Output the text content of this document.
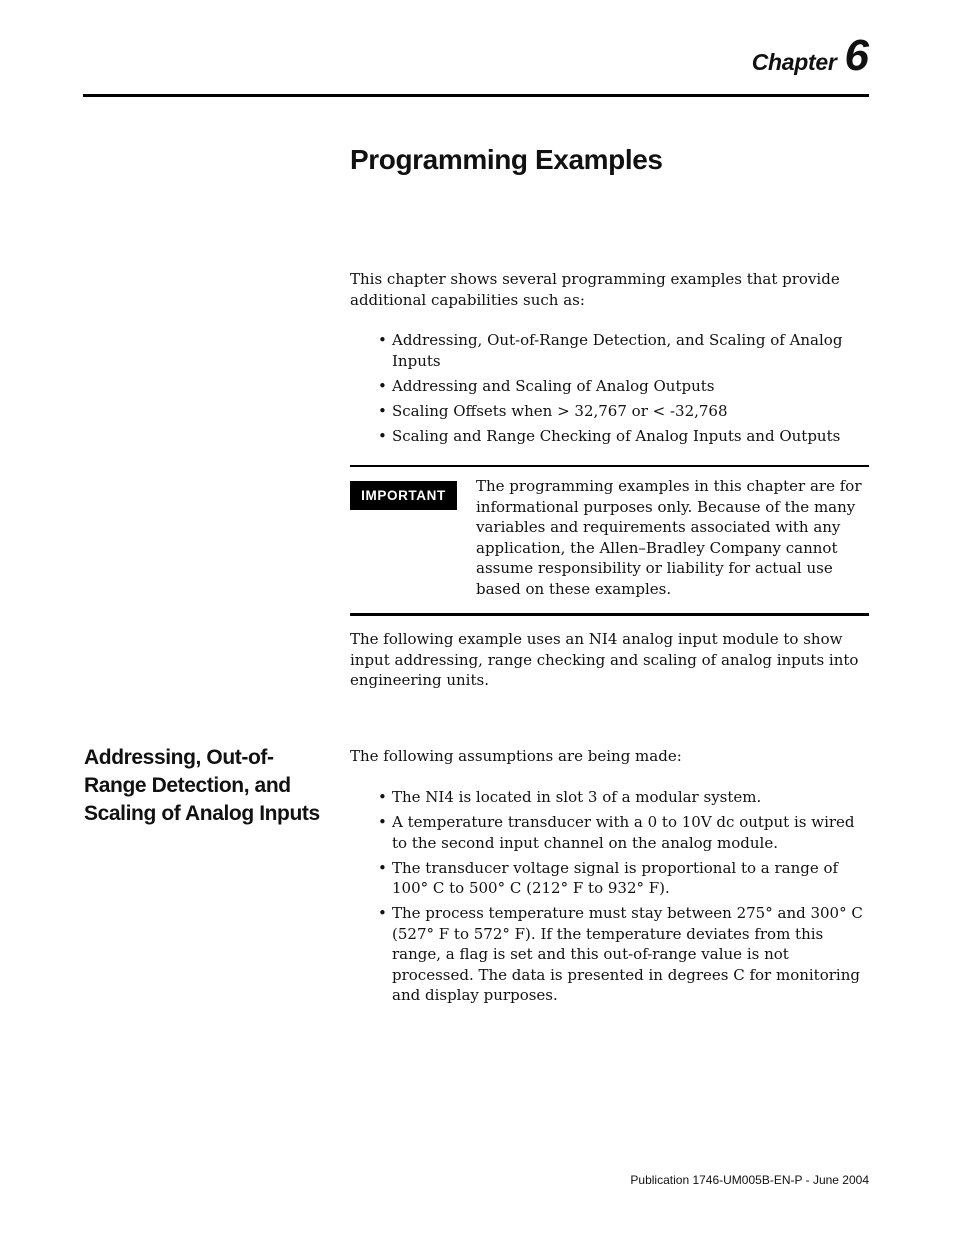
Chapter 6
Programming Examples

This chapter shows several programming examples that provide additional capabilities such as:

• Addressing, Out-of-Range Detection, and Scaling of Analog Inputs
• Addressing and Scaling of Analog Outputs
• Scaling Offsets when > 32,767 or < -32,768
• Scaling and Range Checking of Analog Inputs and Outputs
IMPORTANT

The programming examples in this chapter are for informational purposes only. Because of the many variables and requirements associated with any application, the Allen–Bradley Company cannot assume responsibility or liability for actual use based on these examples.

The following example uses an NI4 analog input module to show input addressing, range checking and scaling of analog inputs into engineering units.

Addressing, Out-of-Range Detection, and Scaling of Analog Inputs

The following assumptions are being made:

• The NI4 is located in slot 3 of a modular system.
• A temperature transducer with a 0 to 10V dc output is wired to the second input channel on the analog module.
• The transducer voltage signal is proportional to a range of 100° C to 500° C (212° F to 932° F).
• The process temperature must stay between 275° and 300° C (527° F to 572° F). If the temperature deviates from this range, a flag is set and this out-of-range value is not processed. The data is presented in degrees C for monitoring and display purposes.
Publication 1746-UM005B-EN-P - June 2004
